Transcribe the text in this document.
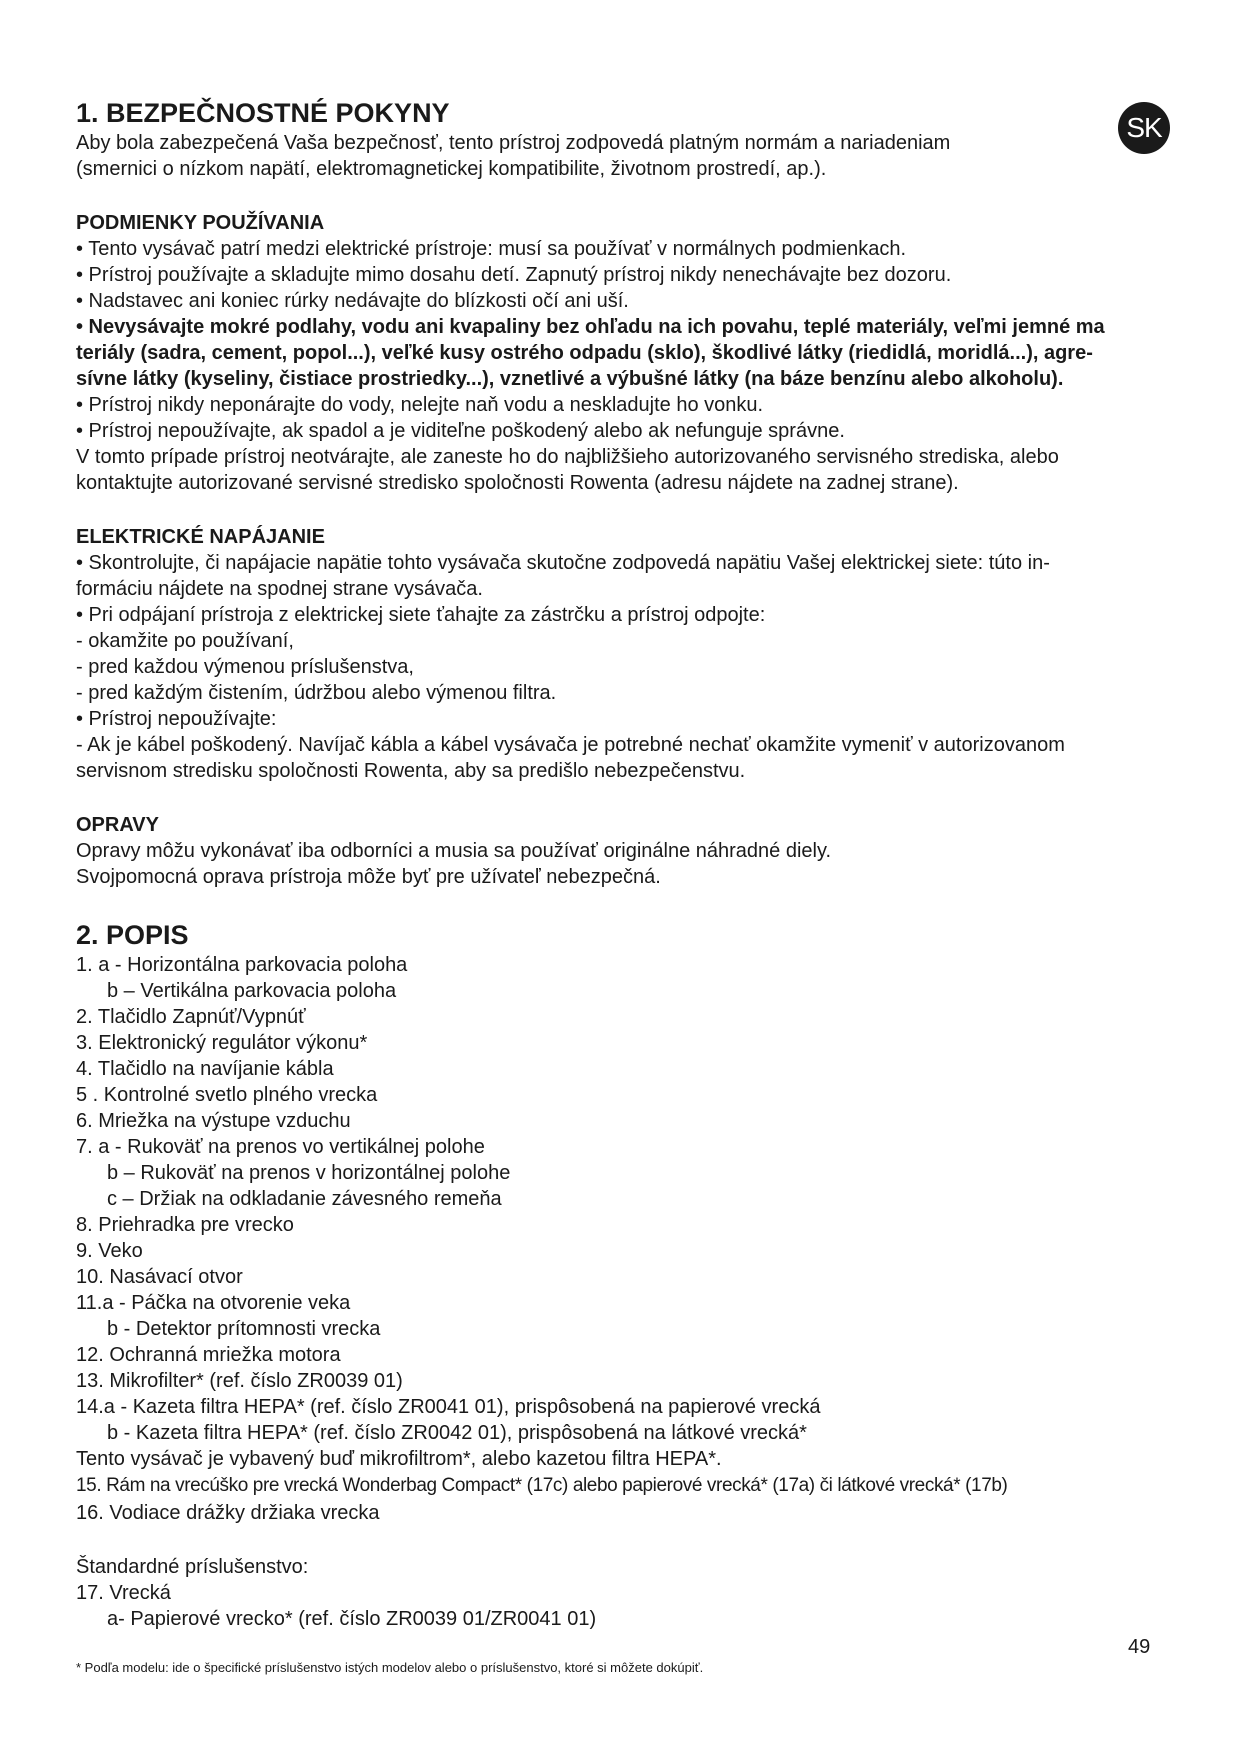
SK
1. BEZPEČNOSTNÉ POKYNY

Aby bola zabezpečená Vaša bezpečnosť, tento prístroj zodpovedá platným normám a nariadeniam

(smernici o nízkom napätí, elektromagnetickej kompatibilite, životnom prostredí, ap.).

PODMIENKY POUŽÍVANIA

• Tento vysávač patrí medzi elektrické prístroje: musí sa používať v normálnych podmienkach.

• Prístroj používajte a skladujte mimo dosahu detí. Zapnutý prístroj nikdy nenechávajte bez dozoru.

• Nadstavec ani koniec rúrky nedávajte do blízkosti očí ani uší.

• Nevysávajte mokré podlahy, vodu ani kvapaliny bez ohľadu na ich povahu, teplé materiály, veľmi jemné ma

teriály (sadra, cement, popol...), veľké kusy ostrého odpadu (sklo), škodlivé látky (riedidlá, moridlá...), agre-

sívne látky (kyseliny, čistiace prostriedky...), vznetlivé a výbušné látky (na báze benzínu alebo alkoholu).

• Prístroj nikdy neponárajte do vody, nelejte naň vodu a neskladujte ho vonku.

• Prístroj nepoužívajte, ak spadol a je viditeľne poškodený alebo ak nefunguje správne.

V tomto prípade prístroj neotvárajte, ale zaneste ho do najbližšieho autorizovaného servisného strediska, alebo

kontaktujte autorizované servisné stredisko spoločnosti Rowenta (adresu nájdete na zadnej strane).

ELEKTRICKÉ NAPÁJANIE

• Skontrolujte, či napájacie napätie tohto vysávača skutočne zodpovedá napätiu Vašej elektrickej siete: túto in-

formáciu nájdete na spodnej strane vysávača.

• Pri odpájaní prístroja z elektrickej siete ťahajte za zástrčku a prístroj odpojte:

- okamžite po používaní,

- pred každou výmenou príslušenstva,

- pred každým čistením, údržbou alebo výmenou filtra.

• Prístroj nepoužívajte:

- Ak je kábel poškodený. Navíjač kábla a kábel vysávača je potrebné nechať okamžite vymeniť v autorizovanom

servisnom stredisku spoločnosti Rowenta, aby sa predišlo nebezpečenstvu.

OPRAVY

Opravy môžu vykonávať iba odborníci a musia sa používať originálne náhradné diely.

Svojpomocná oprava prístroja môže byť pre užívateľ nebezpečná.

2. POPIS

1. a - Horizontálna parkovacia poloha

b – Vertikálna parkovacia poloha

2. Tlačidlo Zapnúť/Vypnúť

3. Elektronický regulátor výkonu*

4. Tlačidlo na navíjanie kábla

5 . Kontrolné svetlo plného vrecka

6. Mriežka na výstupe vzduchu

7. a - Rukoväť na prenos vo vertikálnej polohe

b – Rukoväť na prenos v horizontálnej polohe

c – Držiak na odkladanie závesného remeňa

8. Priehradka pre vrecko

9. Veko

10. Nasávací otvor

11.a - Páčka na otvorenie veka

b - Detektor prítomnosti vrecka

12. Ochranná mriežka motora

13. Mikrofilter* (ref. číslo ZR0039 01)

14.a - Kazeta filtra HEPA* (ref. číslo ZR0041 01), prispôsobená na papierové vrecká

b - Kazeta filtra HEPA* (ref. číslo ZR0042 01), prispôsobená na látkové vrecká*

Tento vysávač je vybavený buď mikrofiltrom*, alebo kazetou filtra HEPA*.

15. Rám na vrecúško pre vrecká Wonderbag Compact* (17c) alebo papierové vrecká* (17a) či látkové vrecká* (17b)

16. Vodiace drážky držiaka vrecka

Štandardné príslušenstvo:

17. Vrecká

a- Papierové vrecko* (ref. číslo ZR0039 01/ZR0041 01)

49
* Podľa modelu: ide o špecifické príslušenstvo istých modelov alebo o príslušenstvo, ktoré si môžete dokúpiť.
